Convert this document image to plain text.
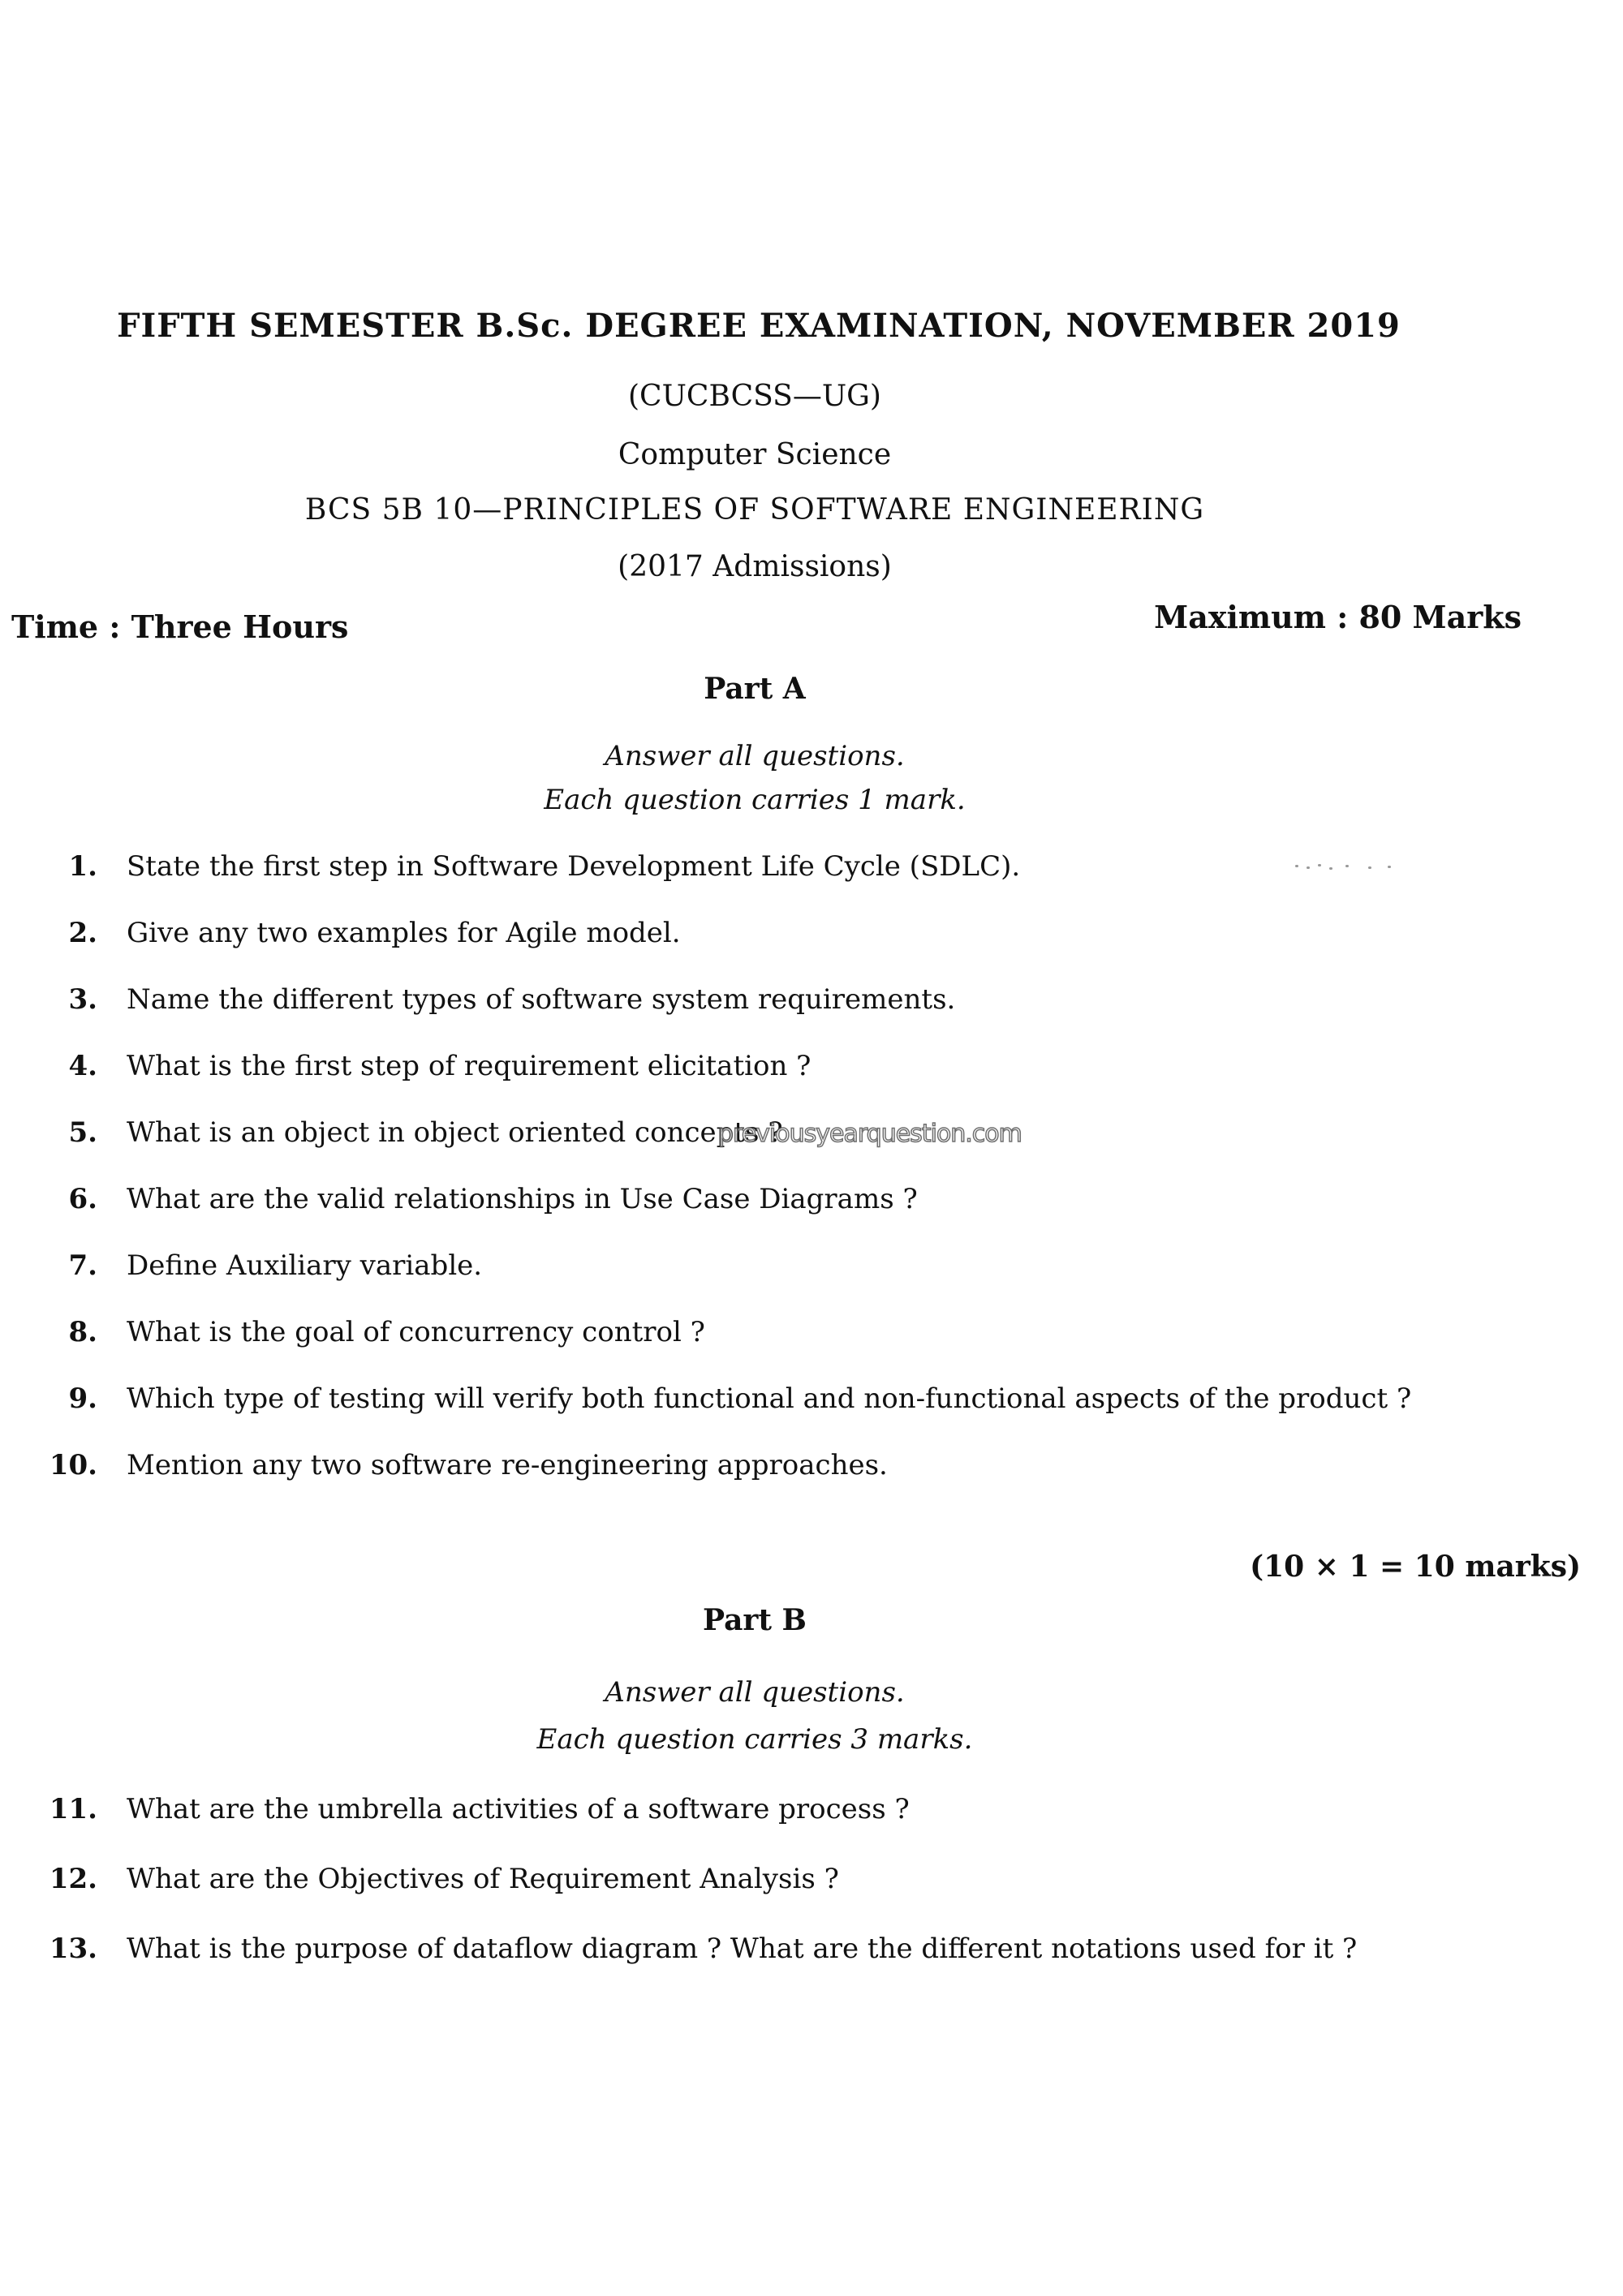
FIFTH SEMESTER B.Sc. DEGREE EXAMINATION, NOVEMBER 2019
(CUCBCSS—UG)
Computer Science
BCS 5B 10—PRINCIPLES OF SOFTWARE ENGINEERING
(2017 Admissions)
Time : Three Hours	Maximum : 80 Marks
Part A
Answer all questions.
Each question carries 1 mark.
1. State the first step in Software Development Life Cycle (SDLC).
2. Give any two examples for Agile model.
3. Name the different types of software system requirements.
4. What is the first step of requirement elicitation ?
5. What is an object in object oriented concepts ?
6. What are the valid relationships in Use Case Diagrams ?
7. Define Auxiliary variable.
8. What is the goal of concurrency control ?
9. Which type of testing will verify both functional and non-functional aspects of the product ?
10. Mention any two software re-engineering approaches.
(10 × 1 = 10 marks)
Part B
Answer all questions.
Each question carries 3 marks.
11. What are the umbrella activities of a software process ?
12. What are the Objectives of Requirement Analysis ?
13. What is the purpose of dataflow diagram ? What are the different notations used for it ?
previousyearquestion.com
